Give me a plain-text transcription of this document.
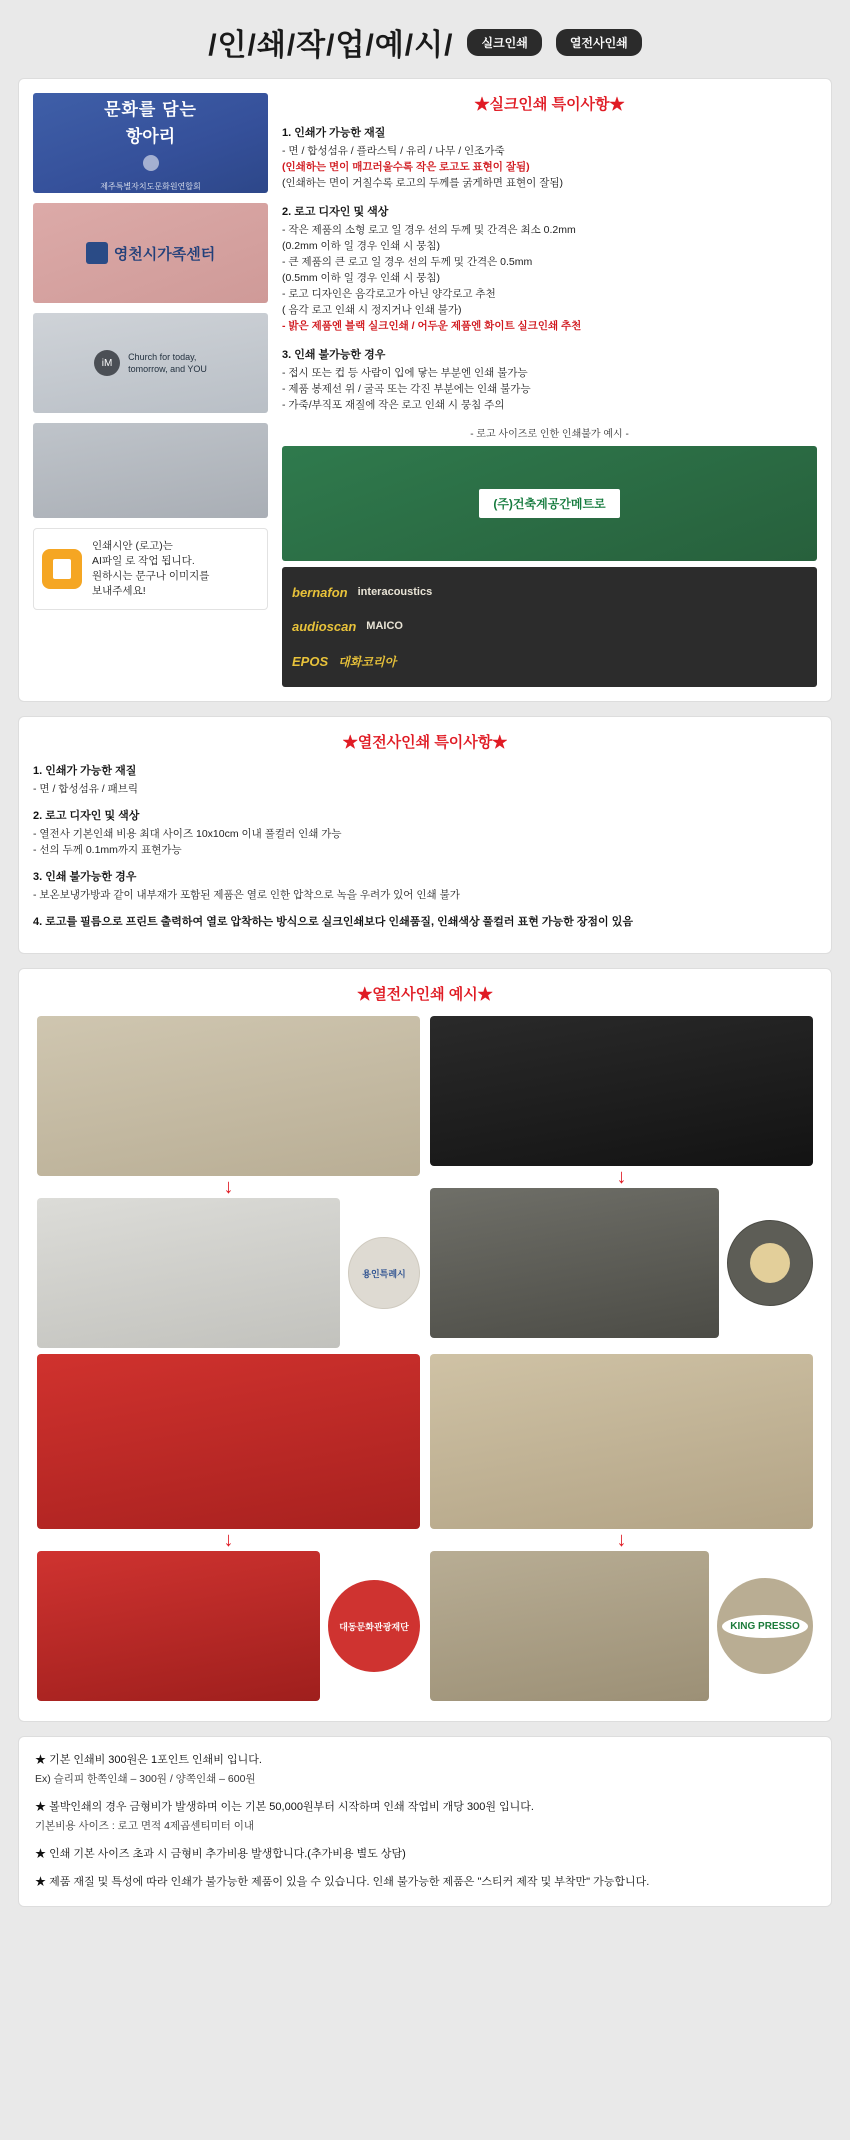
/인/쇄/작/업/예/시/	실크인쇄	열전사인쇄
문화를 담는
항아리
제주특별자치도문화원연합회
영천시가족센터
iM
Church for today,
tomorrow, and YOU
인쇄시안 (로고)는
AI파일 로 작업 됩니다.
원하시는 문구나 이미지를
보내주세요!
★실크인쇄 특이사항★
1. 인쇄가 가능한 재질
- 면 / 합성섬유 / 플라스틱 / 유리 / 나무 / 인조가죽
(인쇄하는 면이 매끄러울수록 작은 로고도 표현이 잘됨)
(인쇄하는 면이 거칠수록 로고의 두께를 굵게하면 표현이 잘됨)
2. 로고 디자인 및 색상
- 작은 제품의 소형 로고 일 경우 선의 두께 및 간격은 최소 0.2mm
(0.2mm 이하 일 경우 인쇄 시 뭉침)
- 큰 제품의 큰 로고 일 경우 선의 두께 및 간격은 0.5mm
(0.5mm 이하 일 경우 인쇄 시 뭉침)
- 로고 디자인은 음각로고가 아닌 양각로고 추천
( 음각 로고 인쇄 시 정지거나 인쇄 불가)
- 밝은 제품엔 블랙 실크인쇄 / 어두운 제품엔 화이트 실크인쇄 추천
3. 인쇄 불가능한 경우
- 접시 또는 컵 등 사람이 입에 닿는 부분엔 인쇄 불가능
- 제품 봉제선 위 / 굴곡 또는 각진 부분에는 인쇄 불가능
- 가죽/부직포 재질에 작은 로고 인쇄 시 뭉침 주의
- 로고 사이즈로 인한 인쇄불가 예시 -
(주)건축계공간메트로
bernafon interacoustics
audioscan MAICO
EPOS 대화코리아
★열전사인쇄 특이사항★
1. 인쇄가 가능한 재질
- 면 / 합성섬유 / 패브릭
2. 로고 디자인 및 색상
- 열전사 기본인쇄 비용 최대 사이즈 10x10cm 이내 풀컬러 인쇄 가능
- 선의 두께 0.1mm까지 표현가능
3. 인쇄 불가능한 경우
- 보온보냉가방과 같이 내부재가 포함된 제품은 열로 인한 압착으로 녹을 우려가 있어 인쇄 불가
4. 로고를 필름으로 프린트 출력하여 열로 압착하는 방식으로 실크인쇄보다 인쇄품질, 인쇄색상 풀컬러 표현 가능한 장점이 있음
★열전사인쇄 예시★
↓
용인특례시
↓
↓
대동문화관광재단
↓
KING PRESSO

★ 기본 인쇄비 300원은 1포인트 인쇄비 입니다.
Ex) 슬리피 한쪽인쇄 – 300원 / 양쪽인쇄 – 600원

★ 볼박인쇄의 경우 금형비가 발생하며 이는 기본 50,000원부터 시작하며 인쇄 작업비 개당 300원 입니다.
기본비용 사이즈 : 로고 면적 4제곱센티미터 이내

★ 인쇄 기본 사이즈 초과 시 금형비 추가비용 발생합니다.(추가비용 별도 상담)

★ 제품 재질 및 특성에 따라 인쇄가 불가능한 제품이 있을 수 있습니다. 인쇄 불가능한 제품은 "스티커 제작 및 부착만" 가능합니다.
